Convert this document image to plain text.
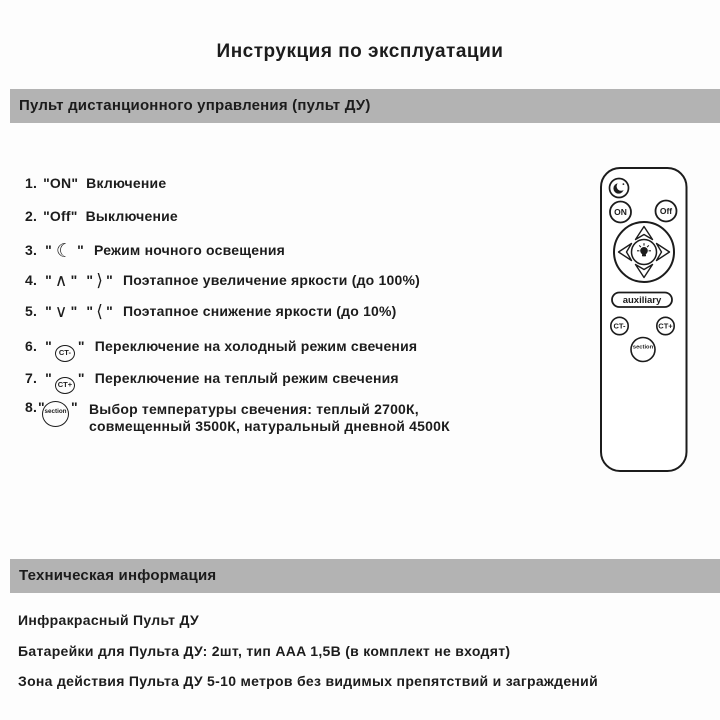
Инструкция по эксплуатации
Пульт дистанционного управления (пульт ДУ)
1. "ON" Включение
2. "Off" Выключение
3. " ☾ " Режим ночного освещения
4. " ∧ " " ⟩ " Поэтапное увеличение яркости (до 100%)
5. " ∨ " " ⟨ " Поэтапное снижение яркости (до 10%)
6. " CT- " Переключение на холодный режим свечения
7. " CT+ " Переключение на теплый режим свечения
8. " section " Выбор температуры свечения: теплый 2700К,
совмещенный 3500К, натуральный дневной 4500К
ON	Off
auxiliary
CT-	CT+
section
Техническая информация
Инфракрасный Пульт ДУ
Батарейки для Пульта ДУ: 2шт, тип AAA 1,5В (в комплект не входят)
Зона действия Пульта ДУ 5-10 метров без видимых препятствий и заграждений
